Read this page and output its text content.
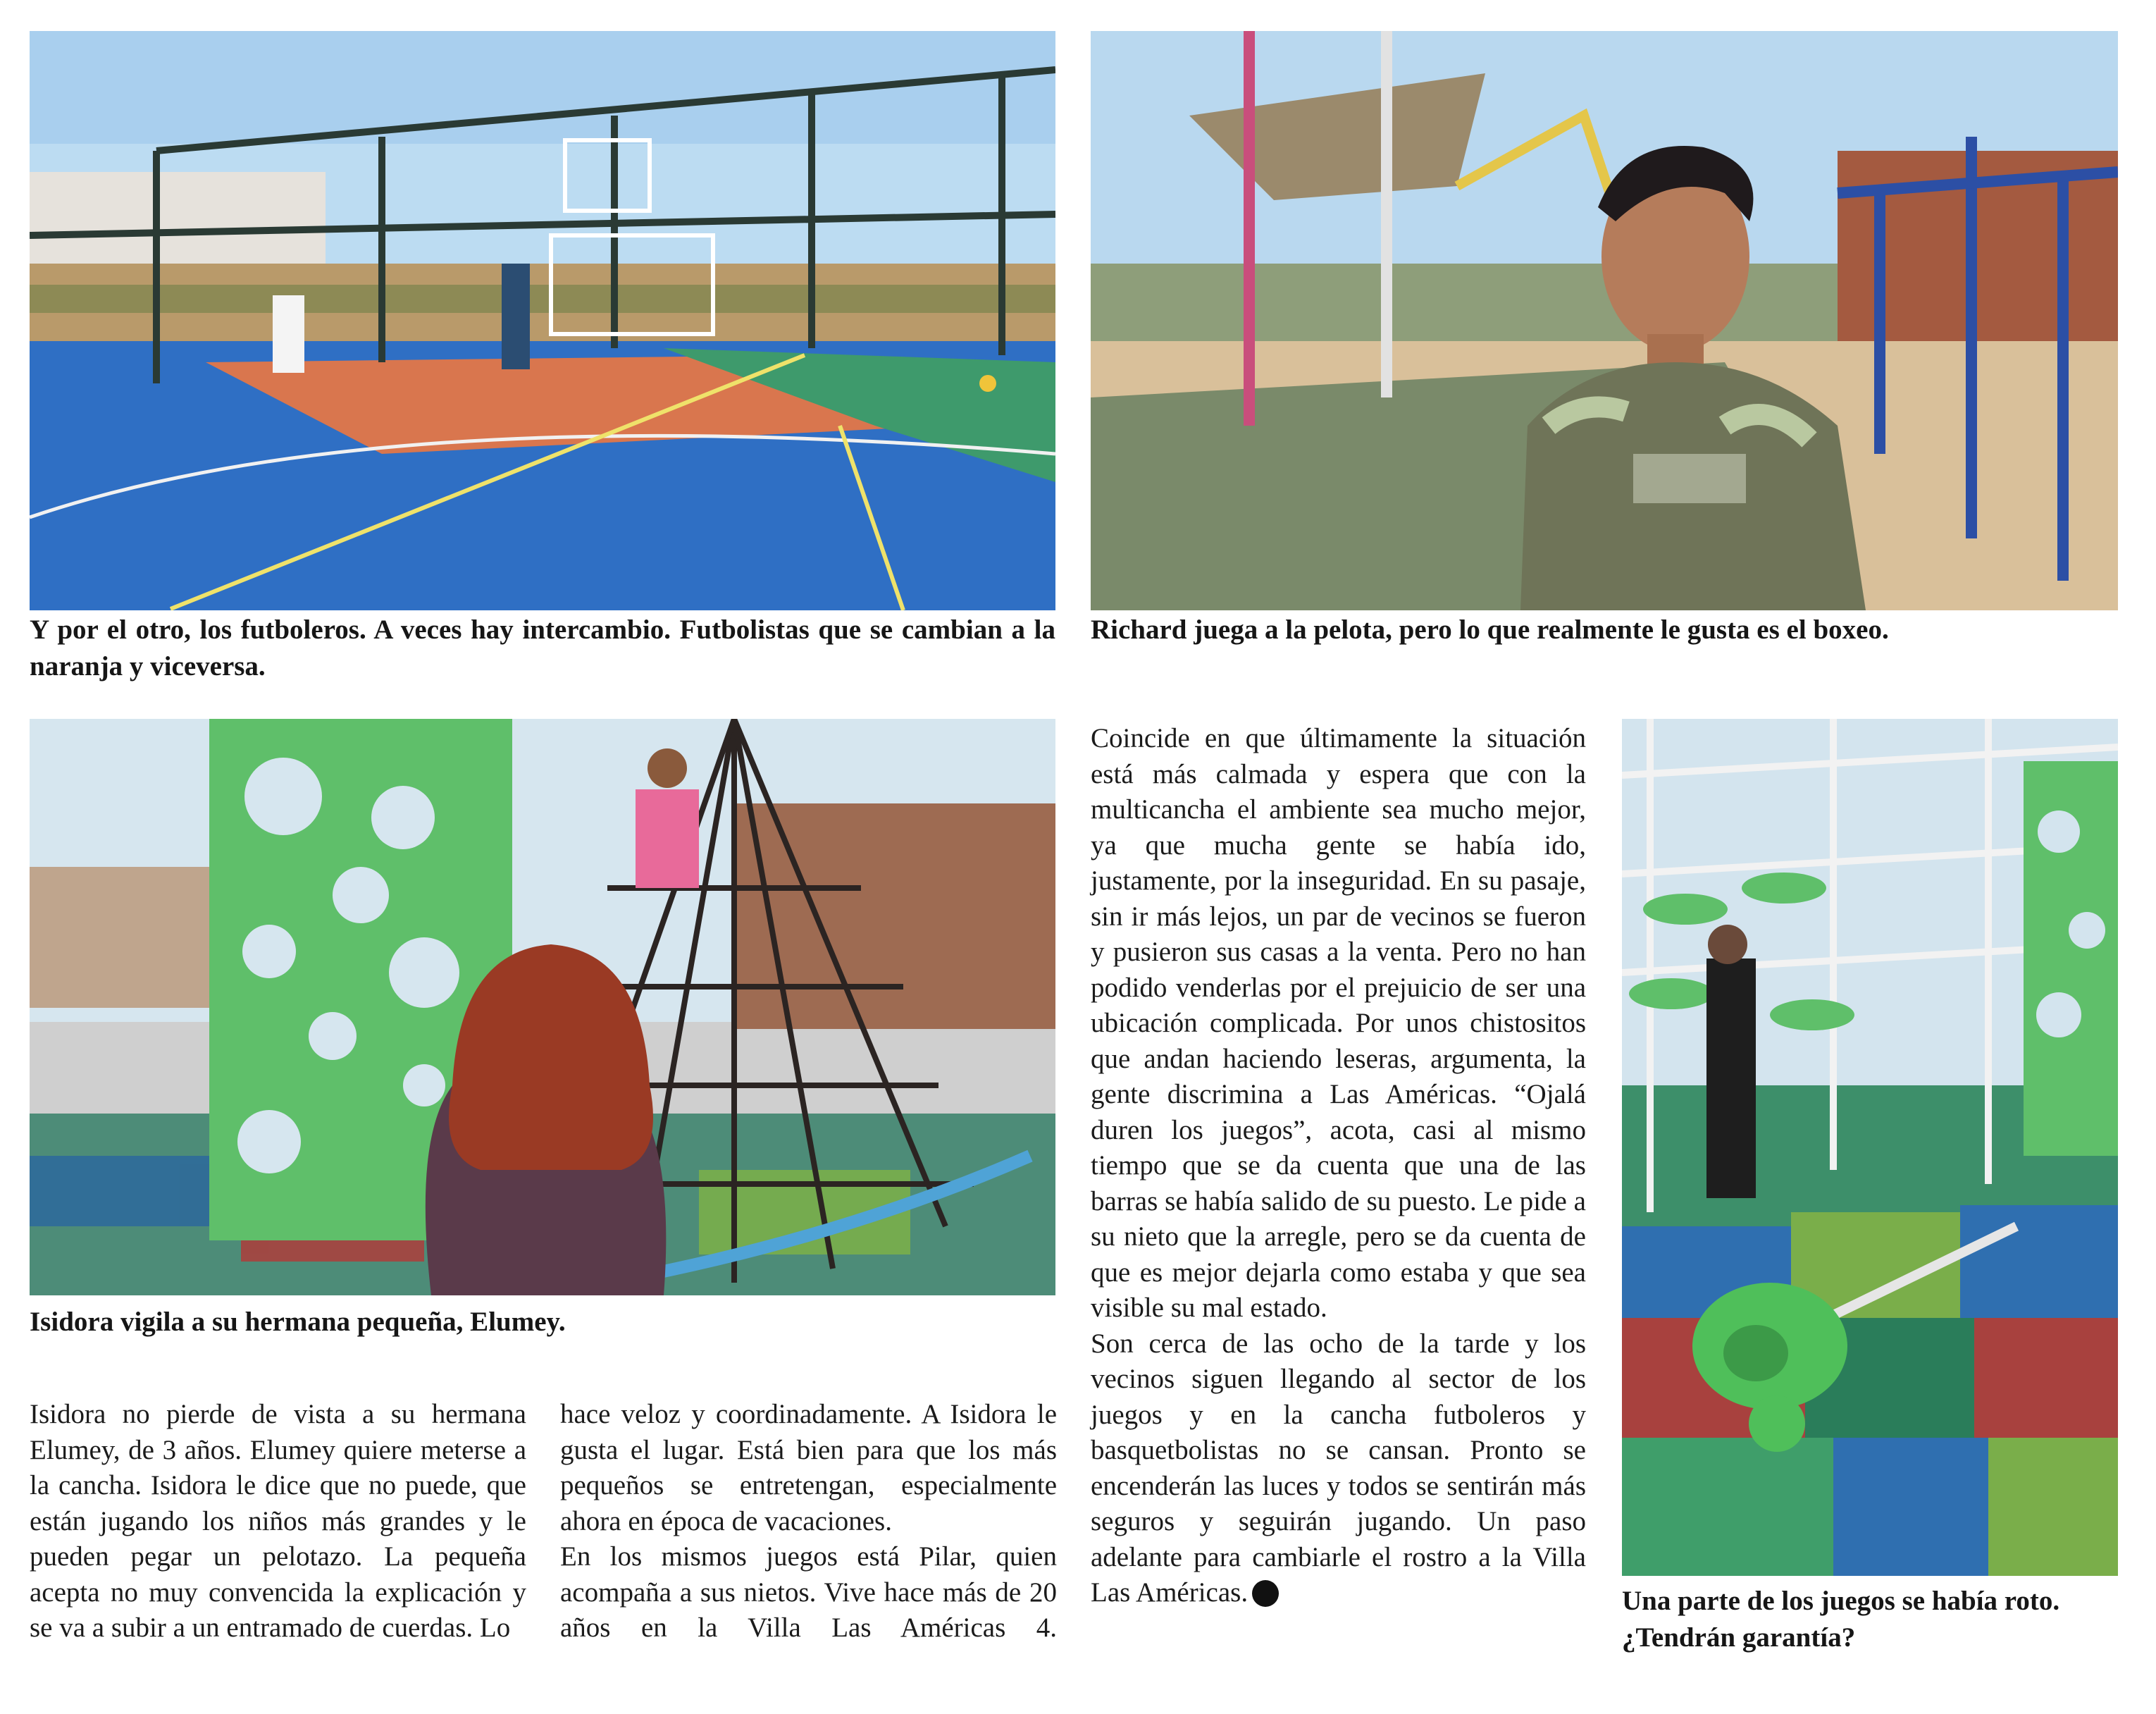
Y por el otro, los futboleros. A veces hay intercambio. Futbolistas que se cambian a la naranja y viceversa.

Richard juega a la pelota, pero lo que realmente le gusta es el boxeo.

Isidora vigila a su hermana pequeña, Elumey.

Isidora no pierde de vista a su hermana Elumey, de 3 años. Elumey quiere meterse a la cancha. Isidora le dice que no puede, que están jugando los niños más grandes y le pueden pegar un pelotazo. La pequeña acepta no muy convencida la explicación y se va a subir a un entramado de cuerdas. Lo

hace veloz y coordinadamente. A Isidora le gusta el lugar. Está bien para que los más pequeños se entretengan, especialmente ahora en época de vacaciones.

En los mismos juegos está Pilar, quien acompaña a sus nietos. Vive hace más de 20 años en la Villa Las Américas 4.

Coincide en que últimamente la situación está más calmada y espera que con la multicancha el ambiente sea mucho mejor, ya que mucha gente se había ido, justamente, por la inseguridad. En su pasaje, sin ir más lejos, un par de vecinos se fueron y pusieron sus casas a la venta. Pero no han podido venderlas por el prejuicio de ser una ubicación complicada. Por unos chistositos que andan haciendo leseras, argumenta, la gente discrimina a Las Américas. “Ojalá duren los juegos”, acota, casi al mismo tiempo que se da cuenta que una de las barras se había salido de su puesto. Le pide a su nieto que la arregle, pero se da cuenta de que es mejor dejarla como estaba y que sea visible su mal estado.

Son cerca de las ocho de la tarde y los vecinos siguen llegando al sector de los juegos y en la cancha futboleros y basquetbolistas no se cansan. Pronto se encenderán las luces y todos se sentirán más seguros y seguirán jugando. Un paso adelante para cambiarle el rostro a la Villa Las Américas.	Una parte de los juegos se había roto. ¿Tendrán garantía?
